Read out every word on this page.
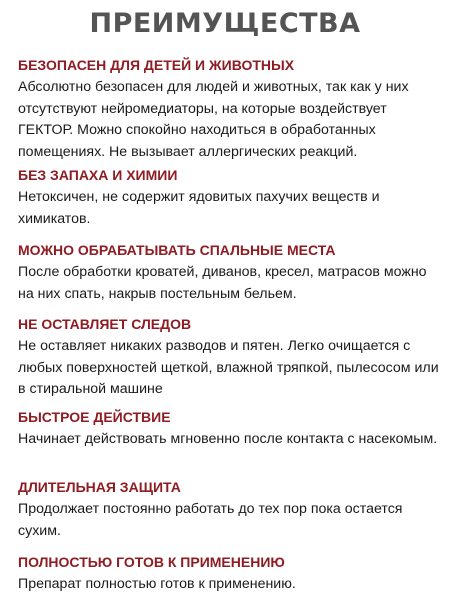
ПРЕИМУЩЕСТВА
БЕЗОПАСЕН ДЛЯ ДЕТЕЙ И ЖИВОТНЫХ

Абсолютно безопасен для людей и животных, так как у них отсутствуют нейромедиаторы, на которые воздействует ГЕКТОР. Можно спокойно находиться в обработанных помещениях. Не вызывает аллергических реакций.

БЕЗ ЗАПАХА И ХИМИИ

Нетоксичен, не содержит ядовитых пахучих веществ и химикатов.

МОЖНО ОБРАБАТЫВАТЬ СПАЛЬНЫЕ МЕСТА

После обработки кроватей, диванов, кресел, матрасов можно на них спать, накрыв постельным бельем.

НЕ ОСТАВЛЯЕТ СЛЕДОВ

Не оставляет никаких разводов и пятен. Легко очищается с любых поверхностей щеткой, влажной тряпкой, пылесосом или в стиральной машине

БЫСТРОЕ ДЕЙСТВИЕ

Начинает действовать мгновенно после контакта с насекомым.

ДЛИТЕЛЬНАЯ ЗАЩИТА

Продолжает постоянно работать до тех пор пока остается сухим.

ПОЛНОСТЬЮ ГОТОВ К ПРИМЕНЕНИЮ

Препарат полностью готов к применению.
